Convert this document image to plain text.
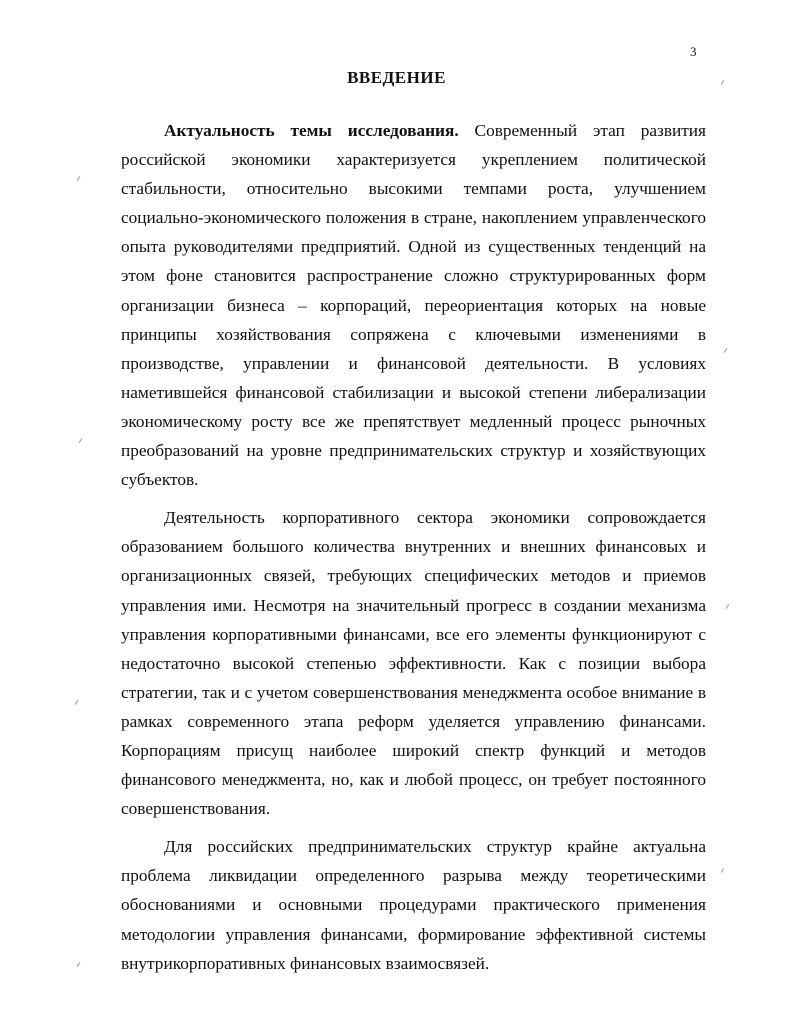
3
ВВЕДЕНИЕ

Актуальность темы исследования. Современный этап развития российской экономики характеризуется укреплением политической стабильности, относительно высокими темпами роста, улучшением социально-экономического положения в стране, накоплением управленческого опыта руководителями предприятий. Одной из существенных тенденций на этом фоне становится распространение сложно структурированных форм организации бизнеса – корпораций, переориентация которых на новые принципы хозяйствования сопряжена с ключевыми изменениями в производстве, управлении и финансовой деятельности. В условиях наметившейся финансовой стабилизации и высокой степени либерализации экономическому росту все же препятствует медленный процесс рыночных преобразований на уровне предпринимательских структур и хозяйствующих субъектов.

Деятельность корпоративного сектора экономики сопровождается образованием большого количества внутренних и внешних финансовых и организационных связей, требующих специфических методов и приемов управления ими. Несмотря на значительный прогресс в создании механизма управления корпоративными финансами, все его элементы функционируют с недостаточно высокой степенью эффективности. Как с позиции выбора стратегии, так и с учетом совершенствования менеджмента особое внимание в рамках современного этапа реформ уделяется управлению финансами. Корпорациям присущ наиболее широкий спектр функций и методов финансового менеджмента, но, как и любой процесс, он требует постоянного совершенствования.

Для российских предпринимательских структур крайне актуальна проблема ликвидации определенного разрыва между теоретическими обоснованиями и основными процедурами практического применения методологии управления финансами, формирование эффективной системы внутрикорпоративных финансовых взаимосвязей.
